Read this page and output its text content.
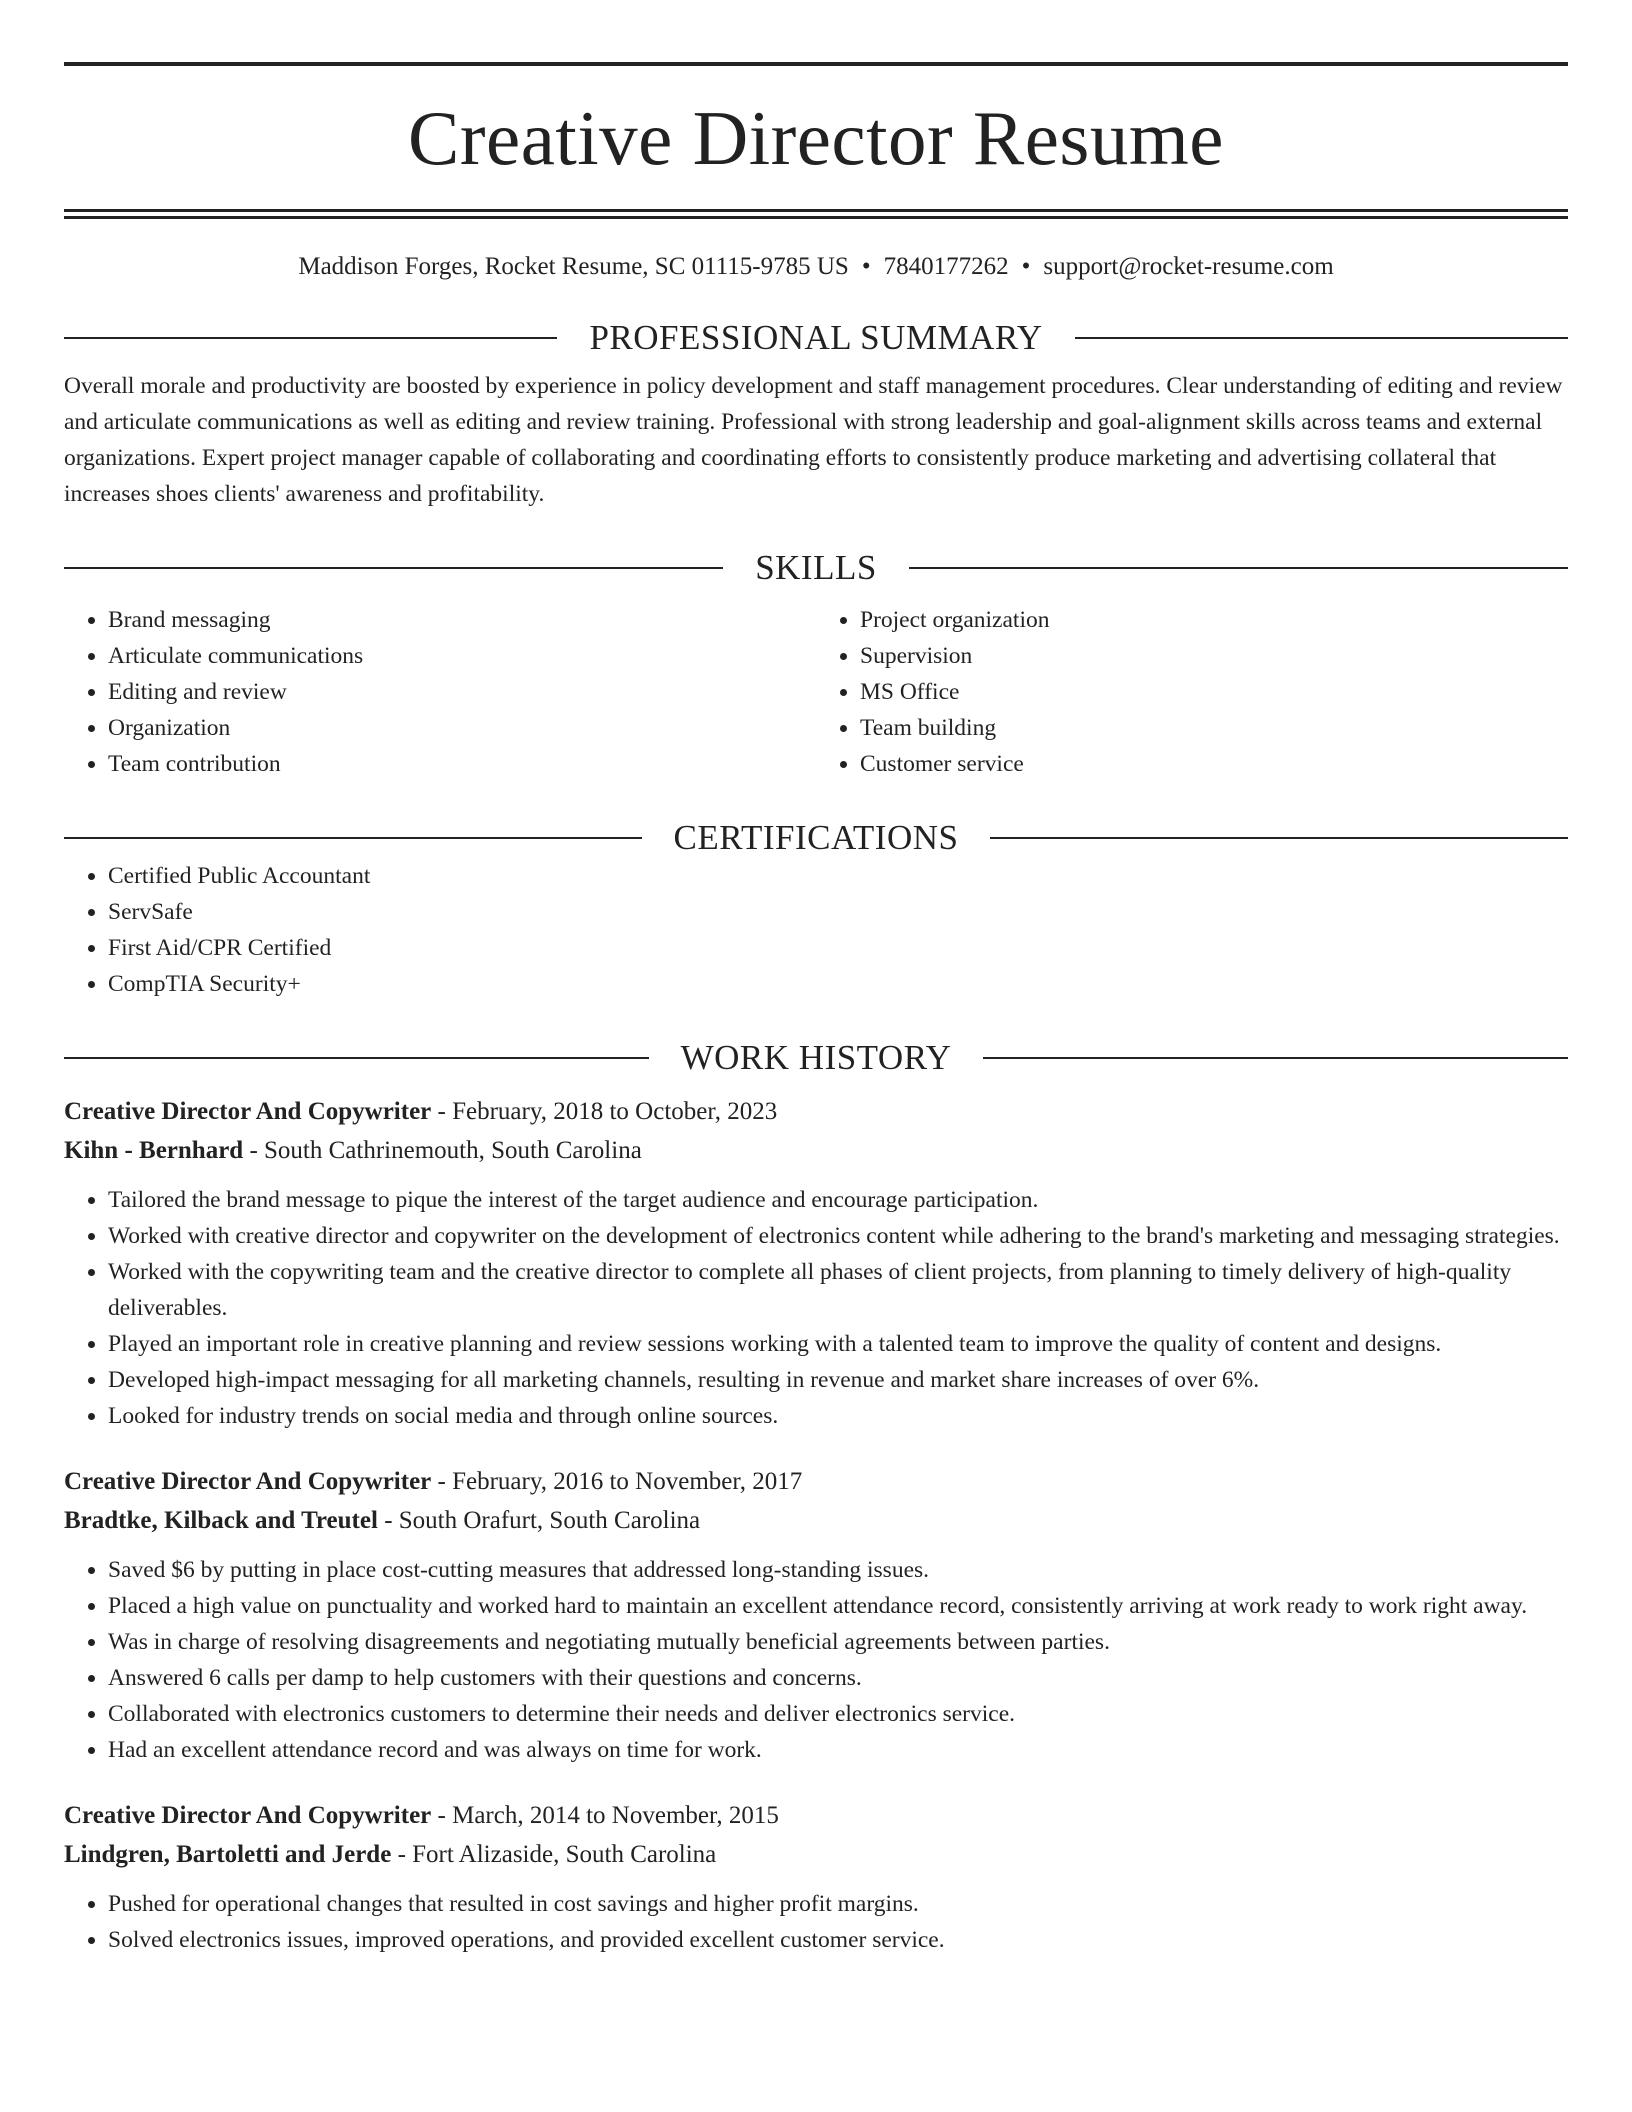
Creative Director Resume
Maddison Forges, Rocket Resume, SC 01115-9785 US • 7840177262 • support@rocket-resume.com
PROFESSIONAL SUMMARY
Overall morale and productivity are boosted by experience in policy development and staff management procedures. Clear understanding of editing and review and articulate communications as well as editing and review training. Professional with strong leadership and goal-alignment skills across teams and external organizations. Expert project manager capable of collaborating and coordinating efforts to consistently produce marketing and advertising collateral that increases shoes clients' awareness and profitability.
SKILLS
• Brand messaging
• Articulate communications
• Editing and review
• Organization
• Team contribution
• Project organization
• Supervision
• MS Office
• Team building
• Customer service
CERTIFICATIONS
• Certified Public Accountant
• ServSafe
• First Aid/CPR Certified
• CompTIA Security+
WORK HISTORY
Creative Director And Copywriter - February, 2018 to October, 2023
Kihn - Bernhard - South Cathrinemouth, South Carolina
• Tailored the brand message to pique the interest of the target audience and encourage participation.
• Worked with creative director and copywriter on the development of electronics content while adhering to the brand's marketing and messaging strategies.
• Worked with the copywriting team and the creative director to complete all phases of client projects, from planning to timely delivery of high-quality deliverables.
• Played an important role in creative planning and review sessions working with a talented team to improve the quality of content and designs.
• Developed high-impact messaging for all marketing channels, resulting in revenue and market share increases of over 6%.
• Looked for industry trends on social media and through online sources.
Creative Director And Copywriter - February, 2016 to November, 2017
Bradtke, Kilback and Treutel - South Orafurt, South Carolina
• Saved $6 by putting in place cost-cutting measures that addressed long-standing issues.
• Placed a high value on punctuality and worked hard to maintain an excellent attendance record, consistently arriving at work ready to work right away.
• Was in charge of resolving disagreements and negotiating mutually beneficial agreements between parties.
• Answered 6 calls per damp to help customers with their questions and concerns.
• Collaborated with electronics customers to determine their needs and deliver electronics service.
• Had an excellent attendance record and was always on time for work.
Creative Director And Copywriter - March, 2014 to November, 2015
Lindgren, Bartoletti and Jerde - Fort Alizaside, South Carolina
• Pushed for operational changes that resulted in cost savings and higher profit margins.
• Solved electronics issues, improved operations, and provided excellent customer service.
